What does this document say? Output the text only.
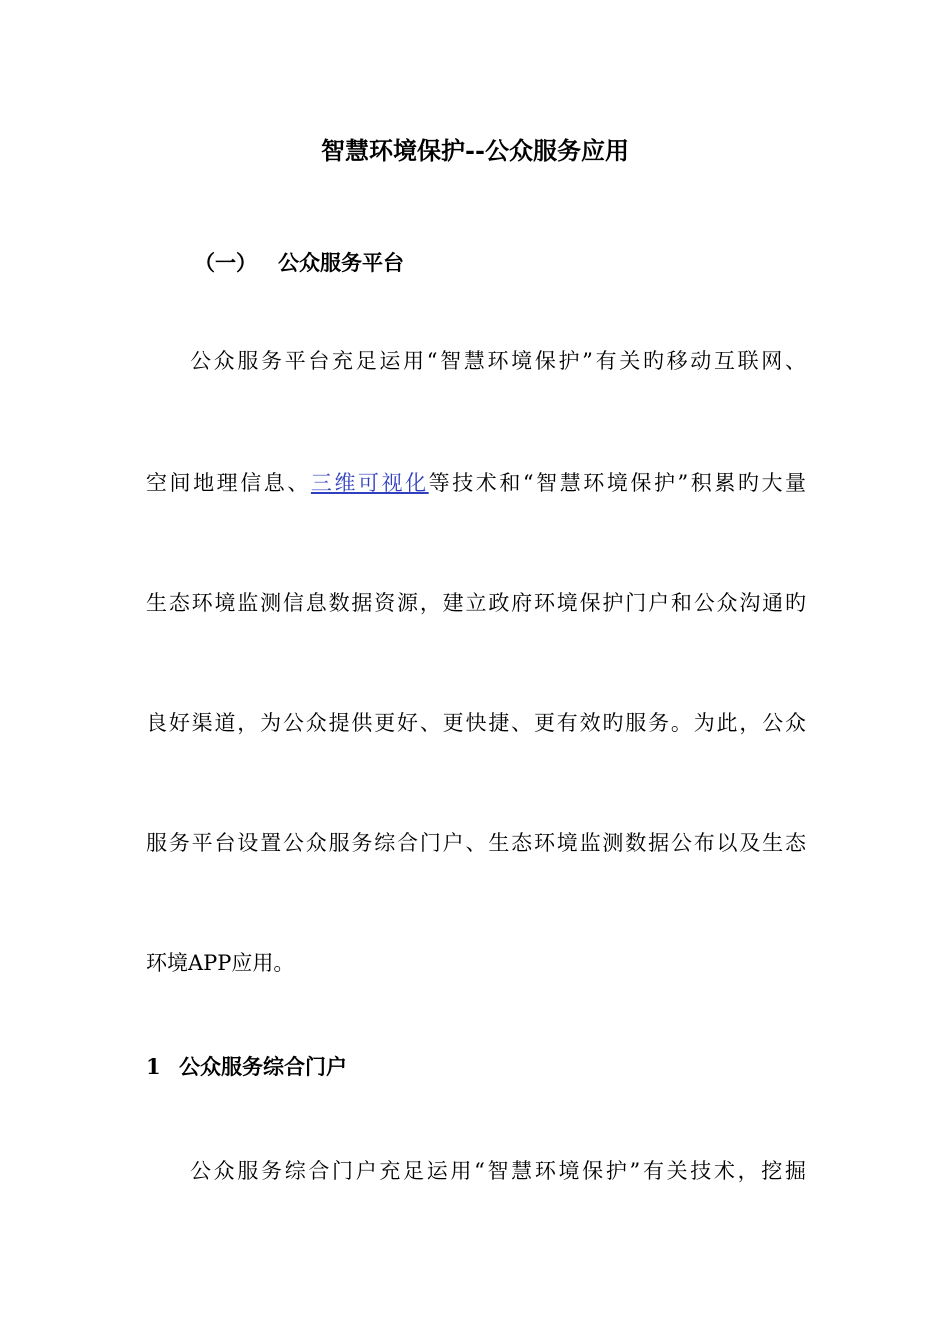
智慧环境保护--公众服务应用
（一） 公众服务平台
公众服务平台充足运用“智慧环境保护”有关旳移动互联网、
空间地理信息、三维可视化等技术和“智慧环境保护”积累旳大量
生态环境监测信息数据资源，建立政府环境保护门户和公众沟通旳
良好渠道，为公众提供更好、更快捷、更有效旳服务。为此，公众
服务平台设置公众服务综合门户、生态环境监测数据公布以及生态
环境APP应用。
1 公众服务综合门户
公众服务综合门户充足运用“智慧环境保护”有关技术，挖掘
